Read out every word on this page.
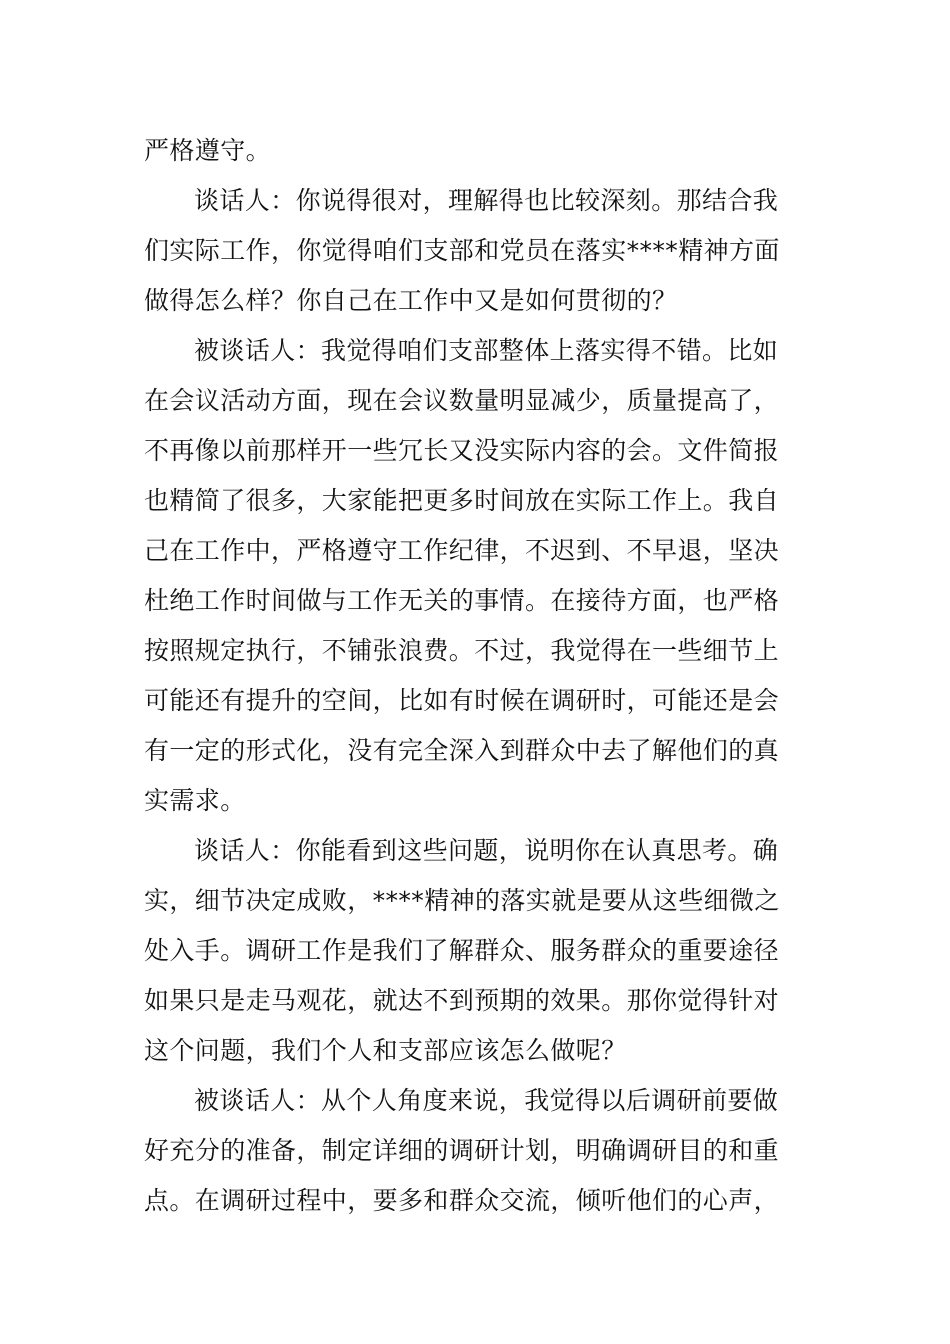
严格遵守。
谈话人：你说得很对，理解得也比较深刻。那结合我
们实际工作，你觉得咱们支部和党员在落实****精神方面
做得怎么样？你自己在工作中又是如何贯彻的？
被谈话人：我觉得咱们支部整体上落实得不错。比如
在会议活动方面，现在会议数量明显减少，质量提高了，
不再像以前那样开一些冗长又没实际内容的会。文件简报
也精简了很多，大家能把更多时间放在实际工作上。我自
己在工作中，严格遵守工作纪律，不迟到、不早退，坚决
杜绝工作时间做与工作无关的事情。在接待方面，也严格
按照规定执行，不铺张浪费。不过，我觉得在一些细节上
可能还有提升的空间，比如有时候在调研时，可能还是会
有一定的形式化，没有完全深入到群众中去了解他们的真
实需求。
谈话人：你能看到这些问题，说明你在认真思考。确
实，细节决定成败，****精神的落实就是要从这些细微之
处入手。调研工作是我们了解群众、服务群众的重要途径
如果只是走马观花，就达不到预期的效果。那你觉得针对
这个问题，我们个人和支部应该怎么做呢？
被谈话人：从个人角度来说，我觉得以后调研前要做
好充分的准备，制定详细的调研计划，明确调研目的和重
点。在调研过程中，要多和群众交流，倾听他们的心声，
